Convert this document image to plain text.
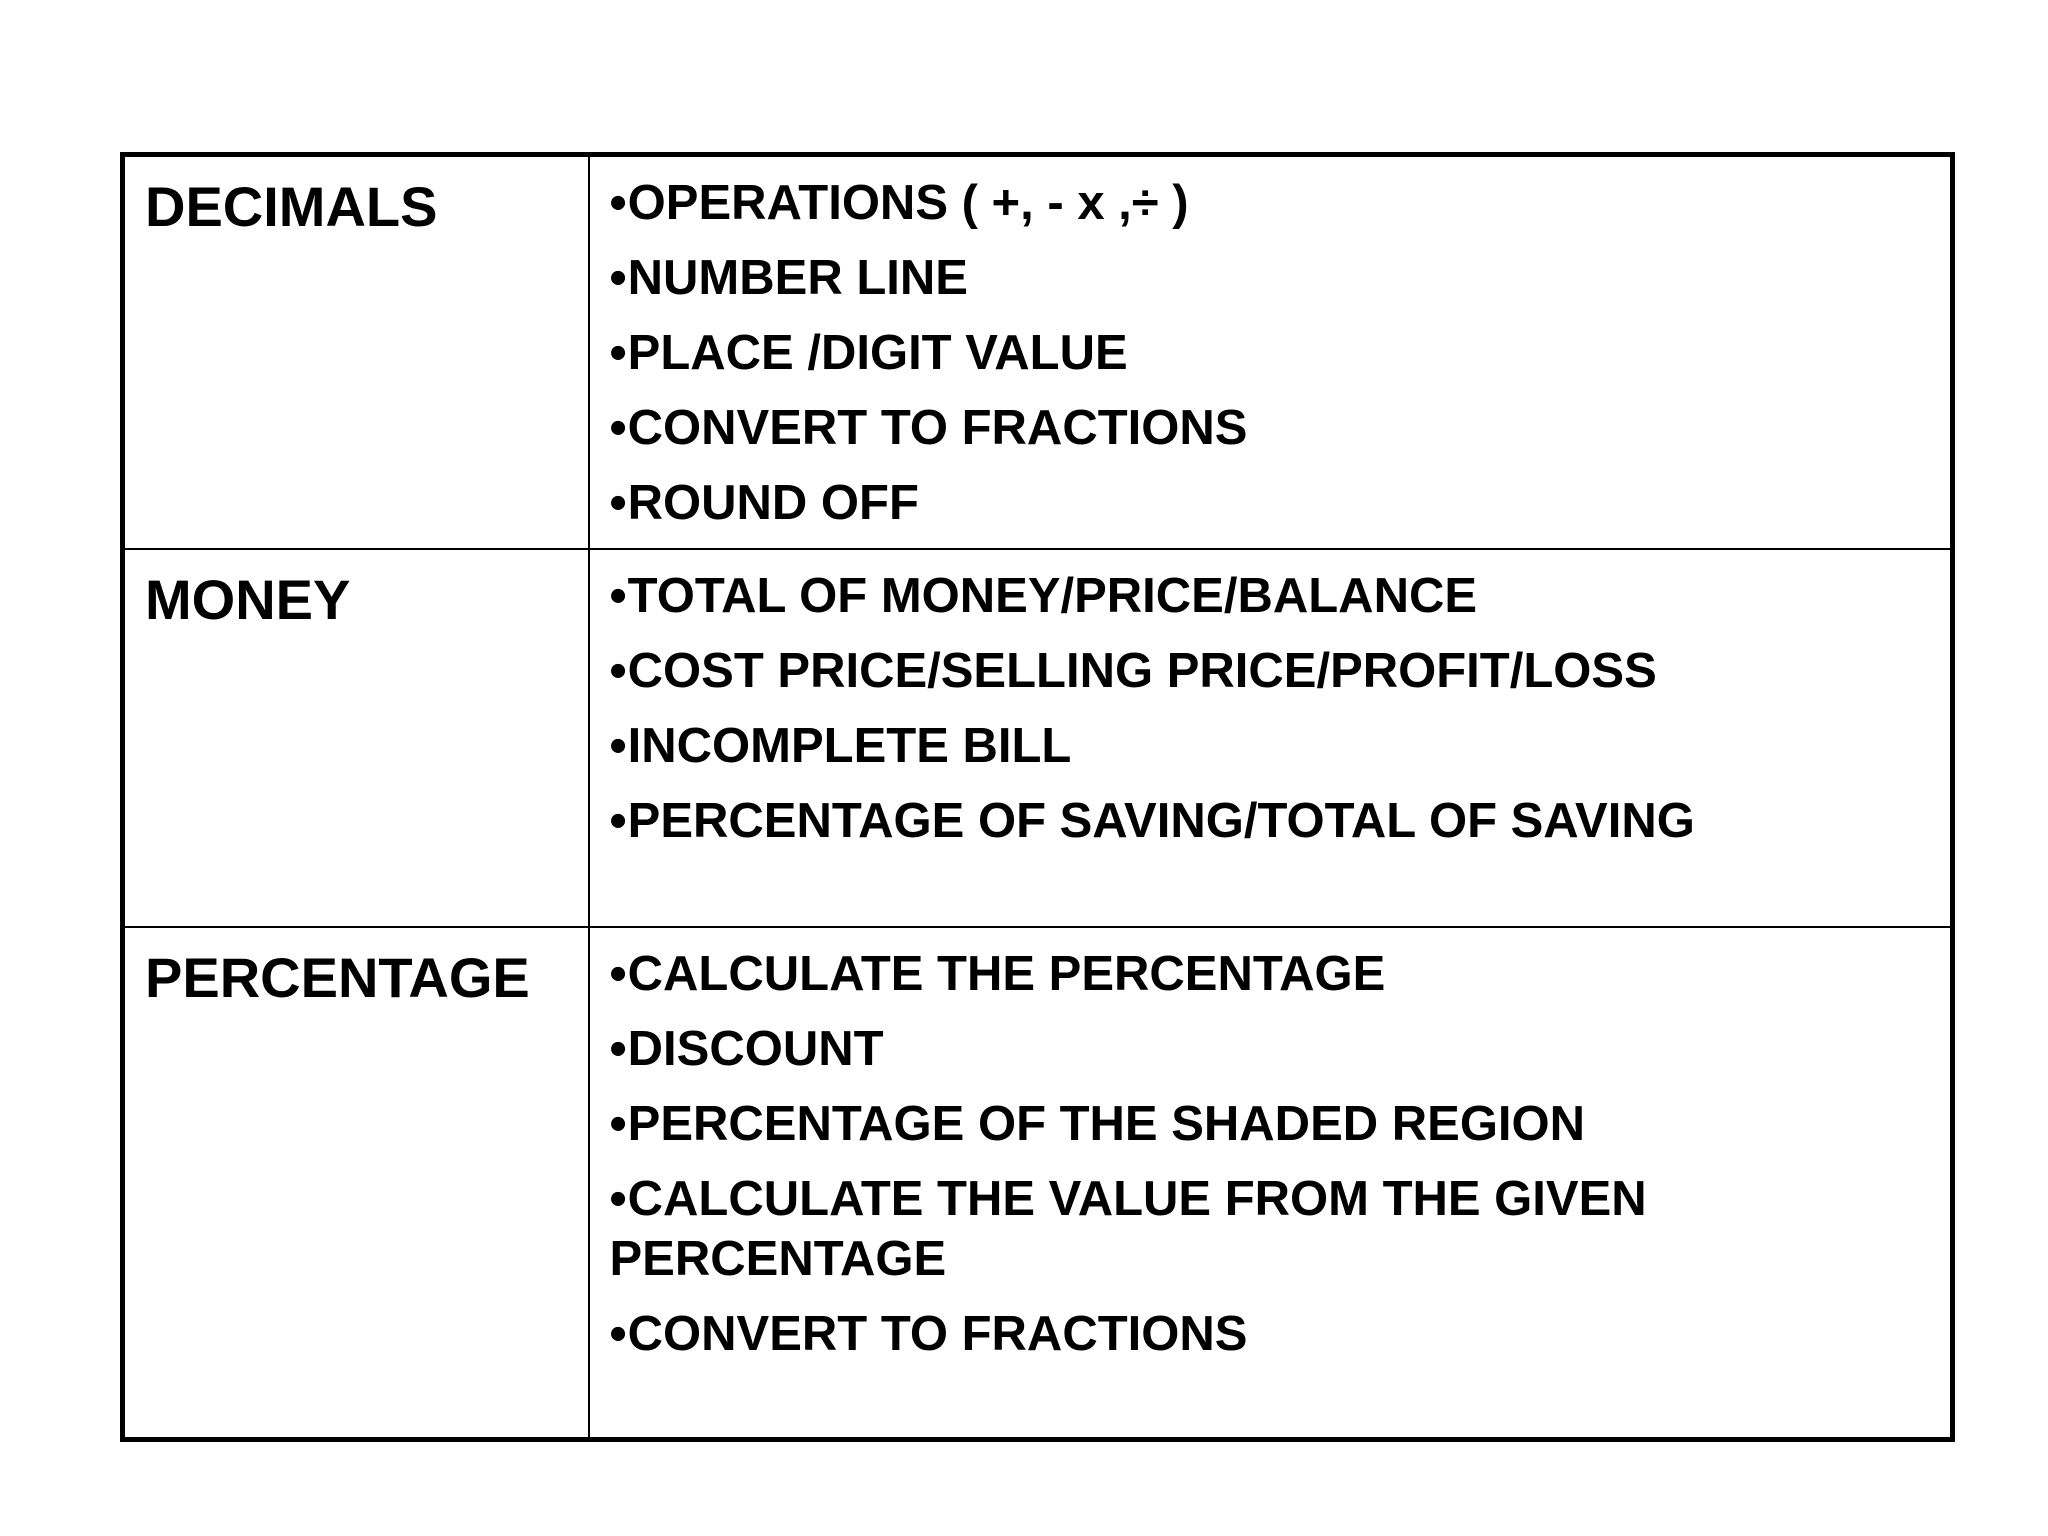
DECIMALS	•OPERATIONS ( +, - x ,÷ )
•NUMBER LINE
•PLACE /DIGIT VALUE
•CONVERT TO FRACTIONS
•ROUND OFF

MONEY	•TOTAL OF MONEY/PRICE/BALANCE
•COST PRICE/SELLING PRICE/PROFIT/LOSS
•INCOMPLETE BILL
•PERCENTAGE OF SAVING/TOTAL OF SAVING

PERCENTAGE	•CALCULATE THE PERCENTAGE
•DISCOUNT
•PERCENTAGE OF THE SHADED REGION
•CALCULATE THE VALUE FROM THE GIVEN PERCENTAGE
•CONVERT TO FRACTIONS
